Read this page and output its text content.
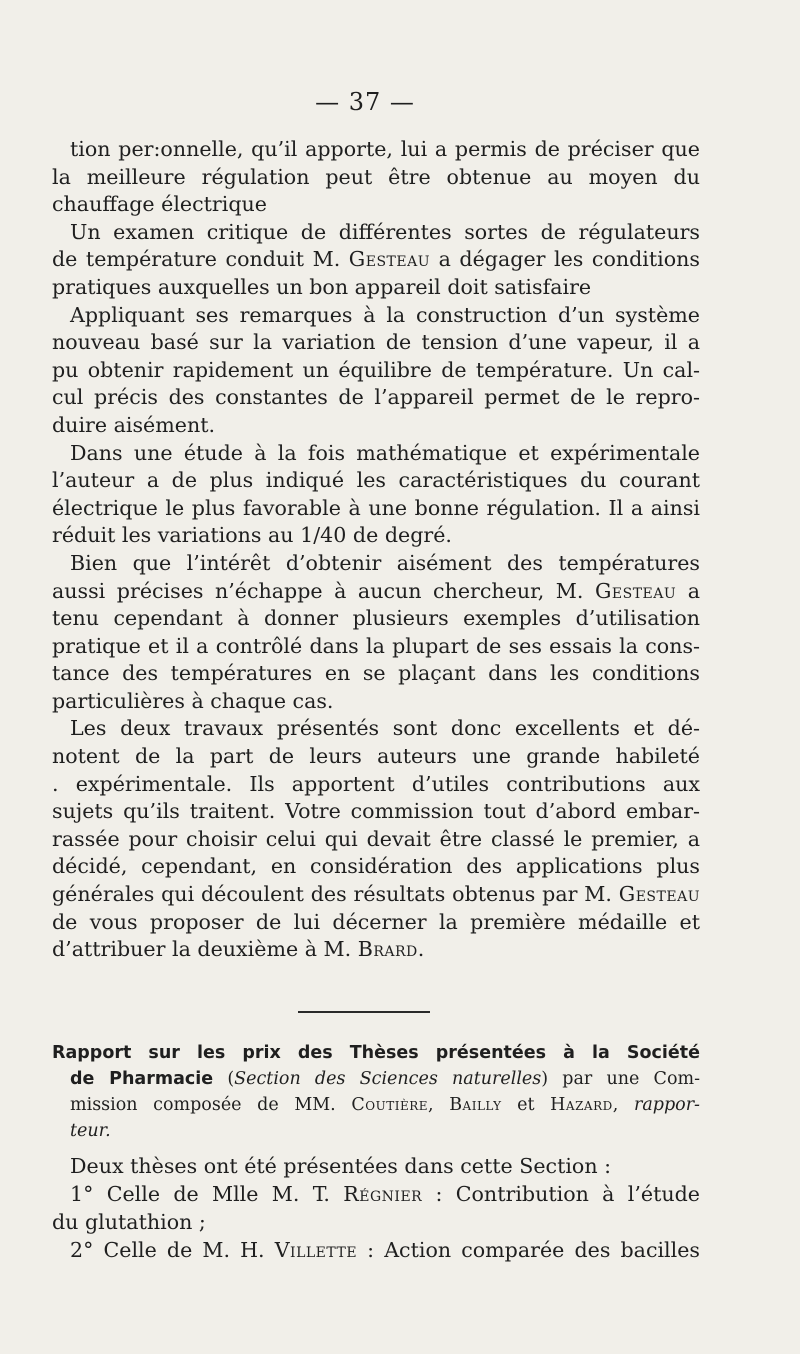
— 37 —
tion per:onnelle, qu’il apporte, lui a permis de préciser que
la meilleure régulation peut être obtenue au moyen du
chauffage électrique
Un examen critique de différentes sortes de régulateurs
de température conduit M. Gesteau a dégager les conditions
pratiques auxquelles un bon appareil doit satisfaire
Appliquant ses remarques à la construction d’un système
nouveau basé sur la variation de tension d’une vapeur, il a
pu obtenir rapidement un équilibre de température. Un cal-
cul précis des constantes de l’appareil permet de le repro-
duire aisément.
Dans une étude à la fois mathématique et expérimentale
l’auteur a de plus indiqué les caractéristiques du courant
électrique le plus favorable à une bonne régulation. Il a ainsi
réduit les variations au 1/40 de degré.
Bien que l’intérêt d’obtenir aisément des températures
aussi précises n’échappe à aucun chercheur, M. Gesteau a
tenu cependant à donner plusieurs exemples d’utilisation
pratique et il a contrôlé dans la plupart de ses essais la cons-
tance des températures en se plaçant dans les conditions
particulières à chaque cas.
Les deux travaux présentés sont donc excellents et dé-
notent de la part de leurs auteurs une grande habileté
. expérimentale. Ils apportent d’utiles contributions aux
sujets qu’ils traitent. Votre commission tout d’abord embar-
rassée pour choisir celui qui devait être classé le premier, a
décidé, cependant, en considération des applications plus
générales qui découlent des résultats obtenus par M. Gesteau
de vous proposer de lui décerner la première médaille et
d’attribuer la deuxième à M. Brard.
Rapport sur les prix des Thèses présentées à la Société
de Pharmacie (Section des Sciences naturelles) par une Com-
mission composée de MM. Coutière, Bailly et Hazard, rappor-
teur.
Deux thèses ont été présentées dans cette Section :
1° Celle de Mlle M. T. Régnier : Contribution à l’étude
du glutathion ;
2° Celle de M. H. Villette : Action comparée des bacilles
